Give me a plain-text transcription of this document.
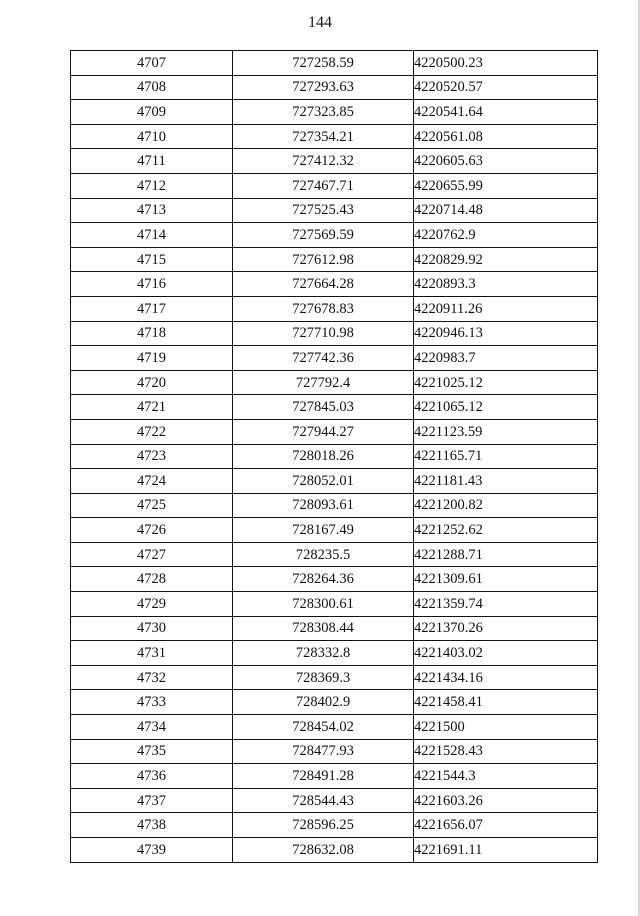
144
4707	727258.59	4220500.23
4708	727293.63	4220520.57
4709	727323.85	4220541.64
4710	727354.21	4220561.08
4711	727412.32	4220605.63
4712	727467.71	4220655.99
4713	727525.43	4220714.48
4714	727569.59	4220762.9
4715	727612.98	4220829.92
4716	727664.28	4220893.3
4717	727678.83	4220911.26
4718	727710.98	4220946.13
4719	727742.36	4220983.7
4720	727792.4	4221025.12
4721	727845.03	4221065.12
4722	727944.27	4221123.59
4723	728018.26	4221165.71
4724	728052.01	4221181.43
4725	728093.61	4221200.82
4726	728167.49	4221252.62
4727	728235.5	4221288.71
4728	728264.36	4221309.61
4729	728300.61	4221359.74
4730	728308.44	4221370.26
4731	728332.8	4221403.02
4732	728369.3	4221434.16
4733	728402.9	4221458.41
4734	728454.02	4221500
4735	728477.93	4221528.43
4736	728491.28	4221544.3
4737	728544.43	4221603.26
4738	728596.25	4221656.07
4739	728632.08	4221691.11
